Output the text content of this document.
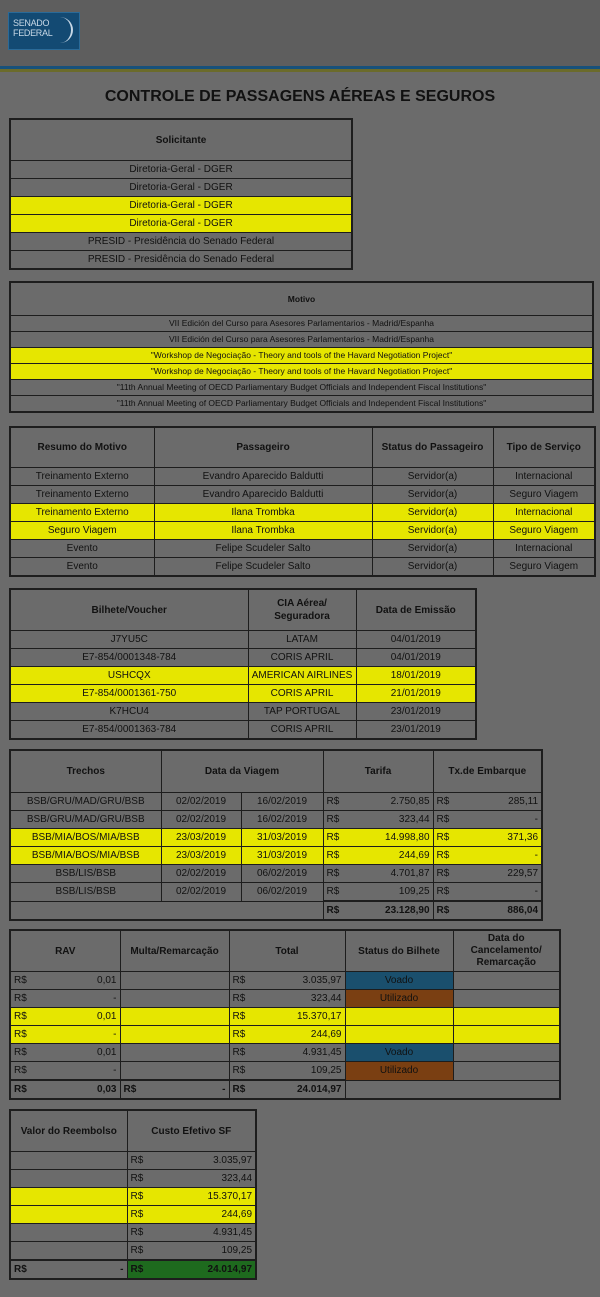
SENADO
FEDERAL
CONTROLE DE PASSAGENS AÉREAS E SEGUROS
Solicitante
Diretoria-Geral - DGER
Diretoria-Geral - DGER
Diretoria-Geral - DGER
Diretoria-Geral - DGER
PRESID - Presidência do Senado Federal
PRESID - Presidência do Senado Federal
Motivo
VII Edición del Curso para Asesores Parlamentarios - Madrid/Espanha
VII Edición del Curso para Asesores Parlamentarios - Madrid/Espanha
"Workshop de Negociação - Theory and tools of the Havard Negotiation Project"
"Workshop de Negociação - Theory and tools of the Havard Negotiation Project"
"11th Annual Meeting of OECD Parliamentary Budget Officials and Independent Fiscal Institutions"
"11th Annual Meeting of OECD Parliamentary Budget Officials and Independent Fiscal Institutions"
Resumo do Motivo	Passageiro	Status do Passageiro	Tipo de Serviço
Treinamento Externo	Evandro Aparecido Baldutti	Servidor(a)	Internacional
Treinamento Externo	Evandro Aparecido Baldutti	Servidor(a)	Seguro Viagem
Treinamento Externo	Ilana Trombka	Servidor(a)	Internacional
Seguro Viagem	Ilana Trombka	Servidor(a)	Seguro Viagem
Evento	Felipe Scudeler Salto	Servidor(a)	Internacional
Evento	Felipe Scudeler Salto	Servidor(a)	Seguro Viagem
Bilhete/Voucher	CIA Aérea/ Seguradora	Data de Emissão
J7YU5C	LATAM	04/01/2019
E7-854/0001348-784	CORIS APRIL	04/01/2019
USHCQX	AMERICAN AIRLINES	18/01/2019
E7-854/0001361-750	CORIS APRIL	21/01/2019
K7HCU4	TAP PORTUGAL	23/01/2019
E7-854/0001363-784	CORIS APRIL	23/01/2019
Trechos	Data da Viagem		Tarifa		Tx.de Embarque	
BSB/GRU/MAD/GRU/BSB	02/02/2019	16/02/2019	R$	2.750,85	R$	285,11
BSB/GRU/MAD/GRU/BSB	02/02/2019	16/02/2019	R$	323,44	R$	-
BSB/MIA/BOS/MIA/BSB	23/03/2019	31/03/2019	R$	14.998,80	R$	371,36
BSB/MIA/BOS/MIA/BSB	23/03/2019	31/03/2019	R$	244,69	R$	-
BSB/LIS/BSB	02/02/2019	06/02/2019	R$	4.701,87	R$	229,57
BSB/LIS/BSB	02/02/2019	06/02/2019	R$	109,25	R$	-
			R$	23.128,90	R$	886,04
RAV		Multa/Remarcação	Total		Status do Bilhete	Data do Cancelamento/ Remarcação
R$	0,01		R$	3.035,97	Voado	
R$	-		R$	323,44	Utilizado	
R$	0,01		R$	15.370,17		
R$	-		R$	244,69		
R$	0,01		R$	4.931,45	Voado	
R$	-		R$	109,25	Utilizado	
R$	0,03	R$ -	R$	24.014,97		
Valor do Reembolso		Custo Efetivo SF	
		R$	3.035,97
		R$	323,44
		R$	15.370,17
		R$	244,69
		R$	4.931,45
		R$	109,25
R$	-	R$	24.014,97
